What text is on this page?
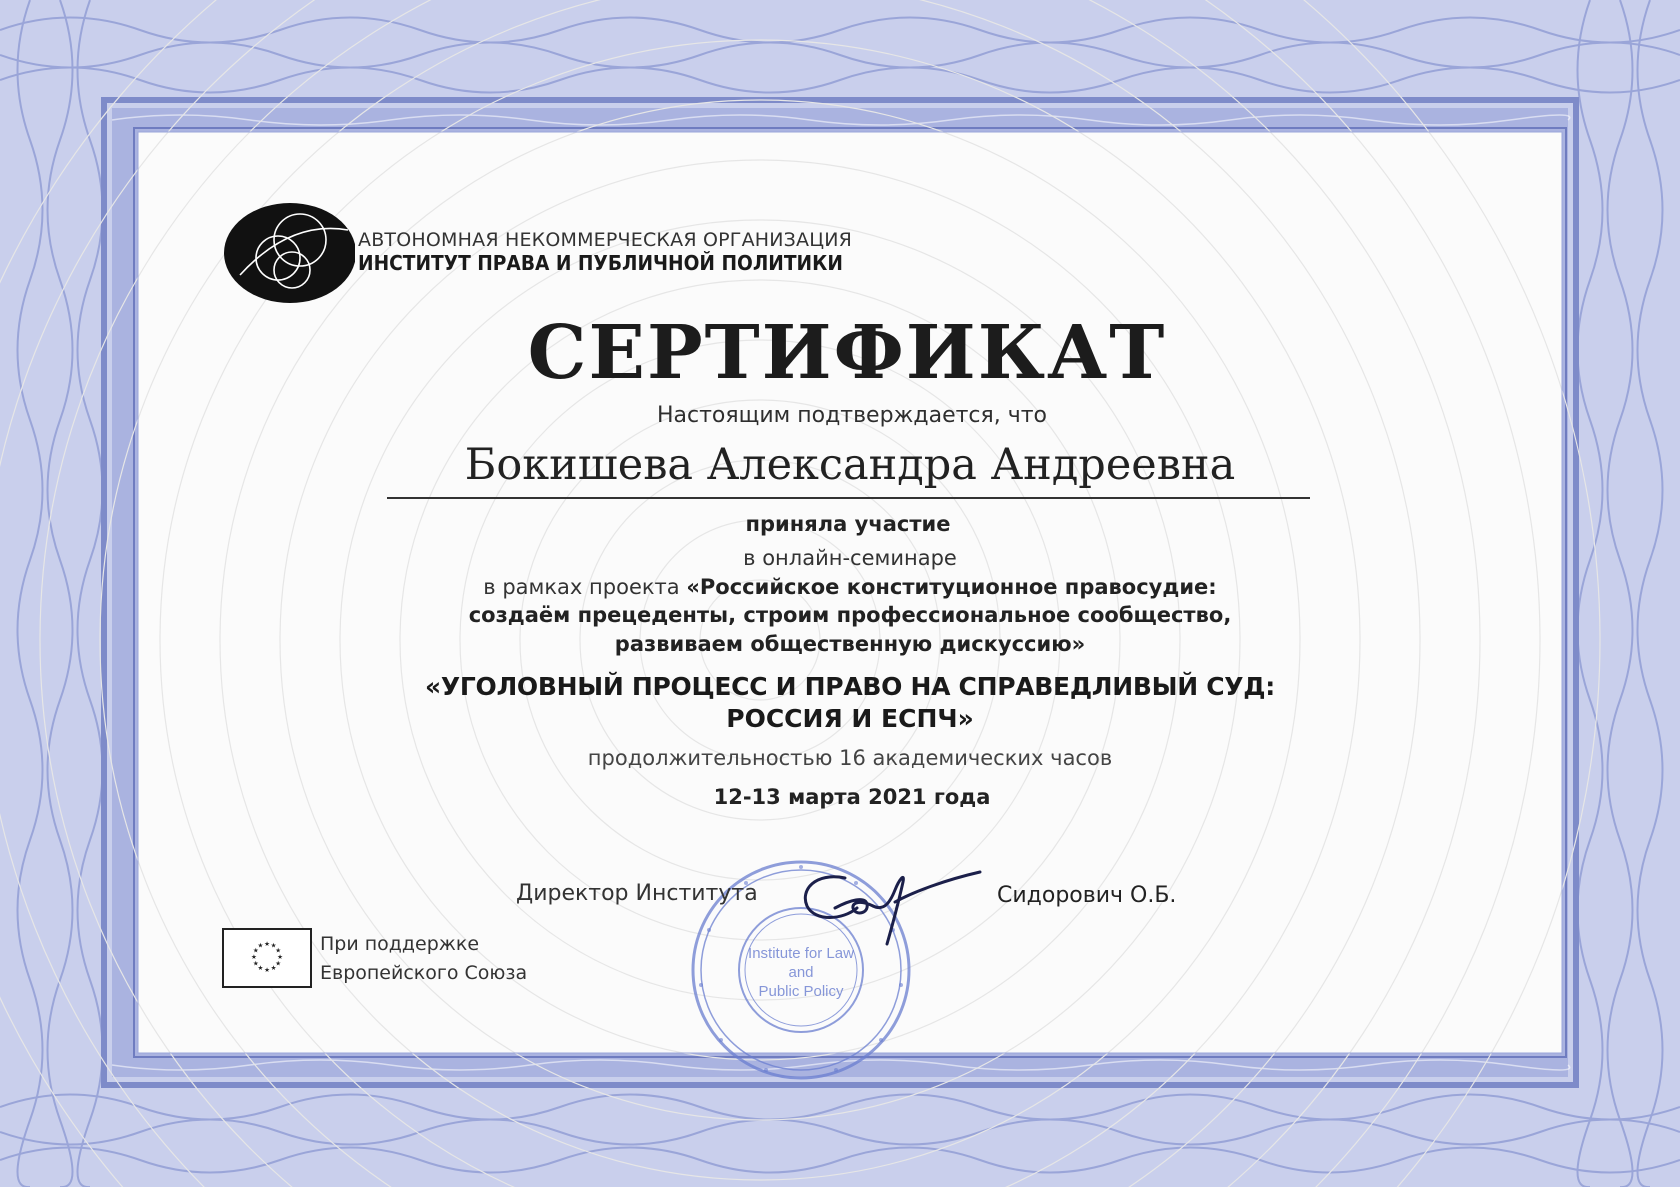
АВТОНОМНАЯ НЕКОММЕРЧЕСКАЯ ОРГАНИЗАЦИЯ
ИНСТИТУТ ПРАВА И ПУБЛИЧНОЙ ПОЛИТИКИ
СЕРТИФИКАТ
Настоящим подтверждается, что
Бокишева Александра Андреевна
приняла участие
в онлайн-семинаре
в рамках проекта «Российское конституционное правосудие:
создаём прецеденты, строим профессиональное сообщество,
развиваем общественную дискуссию»
«УГОЛОВНЫЙ ПРОЦЕСС И ПРАВО НА СПРАВЕДЛИВЫЙ СУД:
РОССИЯ И ЕСПЧ»
продолжительностью 16 академических часов
12-13 марта 2021 года
Institute for Law
and
Public Policy
Директор Института	Сидорович О.Б.
★ ★
★
★
★
★
★
★
★
★
★
★	При поддержке
Европейского Союза
